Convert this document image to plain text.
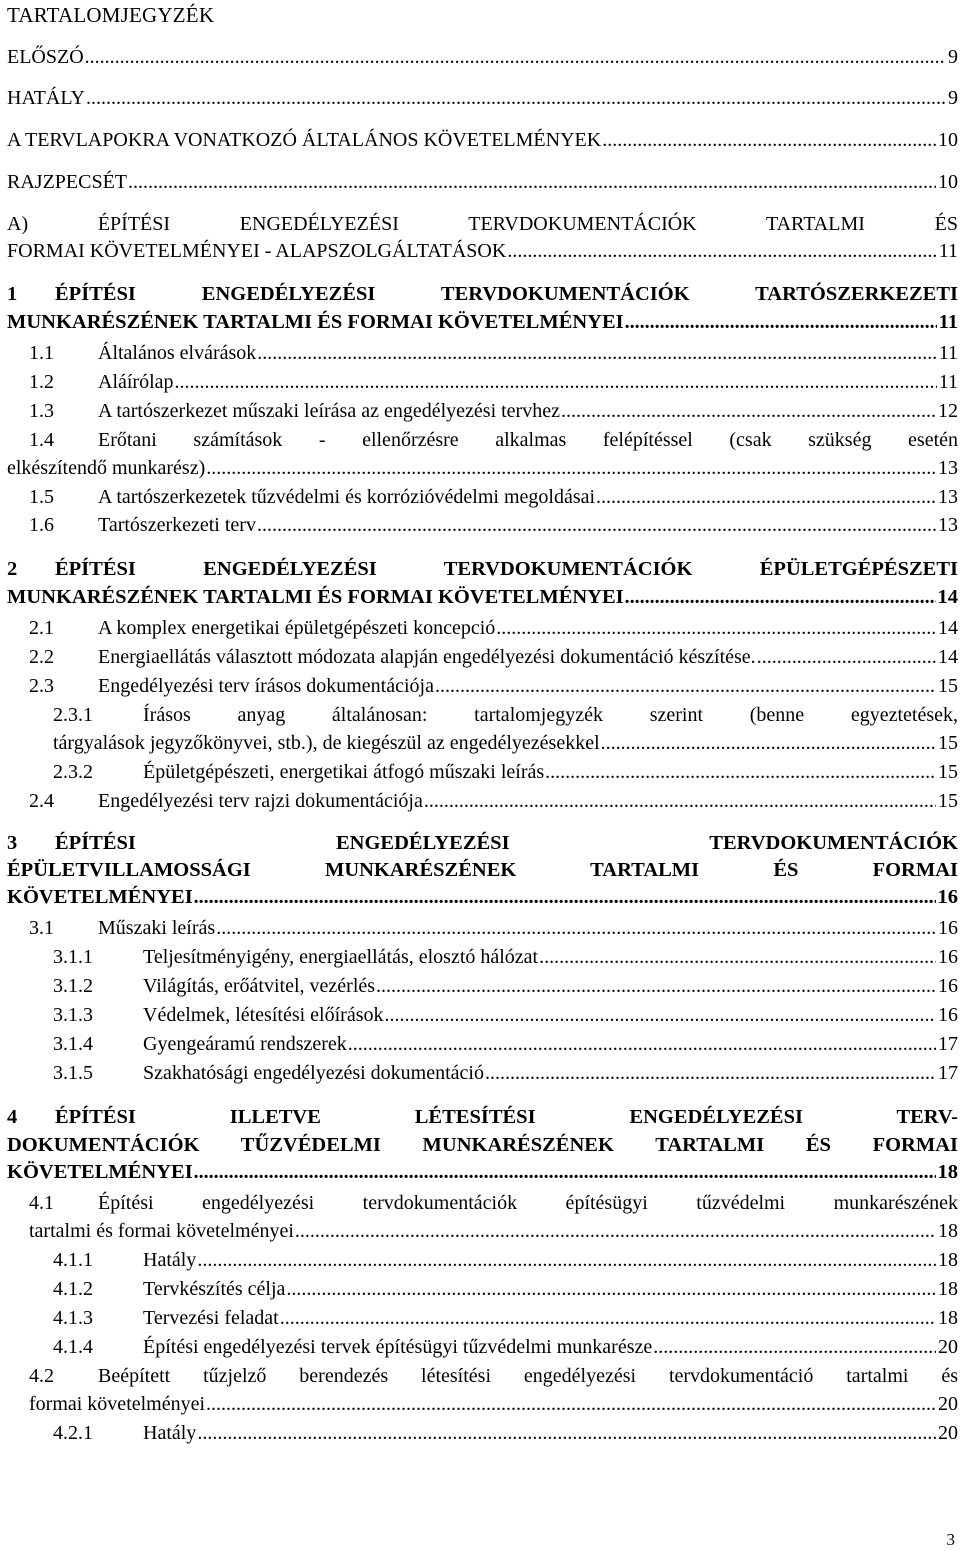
TARTALOMJEGYZÉK
ELŐSZÓ .....	9
HATÁLY .....	9
A TERVLAPOKRA VONATKOZÓ ÁLTALÁNOS KÖVETELMÉNYEK .....	10
RAJZPECSÉT .....	10
A) ÉPÍTÉSI ENGEDÉLYEZÉSI TERVDOKUMENTÁCIÓK TARTALMI ÉS
FORMAI KÖVETELMÉNYEI - ALAPSZOLGÁLTATÁSOK .....	11
1 ÉPÍTÉSI ENGEDÉLYEZÉSI TERVDOKUMENTÁCIÓK TARTÓSZERKEZETI
MUNKARÉSZÉNEK TARTALMI ÉS FORMAI KÖVETELMÉNYEI .....	11
1.1 Általános elvárások .....	11
1.2 Aláírólap .....	11
1.3 A tartószerkezet műszaki leírása az engedélyezési tervhez .....	12
1.4 Erőtani számítások - ellenőrzésre alkalmas felépítéssel (csak szükség esetén
elkészítendő munkarész) .....	13
1.5 A tartószerkezetek tűzvédelmi és korrózióvédelmi megoldásai .....	13
1.6 Tartószerkezeti terv .....	13
2 ÉPÍTÉSI ENGEDÉLYEZÉSI TERVDOKUMENTÁCIÓK ÉPÜLETGÉPÉSZETI
MUNKARÉSZÉNEK TARTALMI ÉS FORMAI KÖVETELMÉNYEI .....	14
2.1 A komplex energetikai épületgépészeti koncepció .....	14
2.2 Energiaellátás választott módozata alapján engedélyezési dokumentáció készítése. .....	14
2.3 Engedélyezési terv írásos dokumentációja .....	15
2.3.1	Írásos anyag általánosan: tartalomjegyzék szerint (benne egyeztetések,
tárgyalások jegyzőkönyvei, stb.), de kiegészül az engedélyezésekkel .....	15
2.3.2	Épületgépészeti, energetikai átfogó műszaki leírás .....	15
2.4 Engedélyezési terv rajzi dokumentációja .....	15
3 ÉPÍTÉSI ENGEDÉLYEZÉSI TERVDOKUMENTÁCIÓK
ÉPÜLETVILLAMOSSÁGI MUNKARÉSZÉNEK TARTALMI ÉS FORMAI
KÖVETELMÉNYEI .....	16
3.1 Műszaki leírás .....	16
3.1.1	Teljesítményigény, energiaellátás, elosztó hálózat .....	16
3.1.2	Világítás, erőátvitel, vezérlés .....	16
3.1.3	Védelmek, létesítési előírások .....	16
3.1.4	Gyengeáramú rendszerek .....	17
3.1.5	Szakhatósági engedélyezési dokumentáció .....	17
4 ÉPÍTÉSI ILLETVE LÉTESÍTÉSI ENGEDÉLYEZÉSI TERV-
DOKUMENTÁCIÓK TŰZVÉDELMI MUNKARÉSZÉNEK TARTALMI ÉS FORMAI
KÖVETELMÉNYEI .....	18
4.1 Építési engedélyezési tervdokumentációk építésügyi tűzvédelmi munkarészének
tartalmi és formai követelményei .....	18
4.1.1	Hatály .....	18
4.1.2	Tervkészítés célja .....	18
4.1.3	Tervezési feladat .....	18
4.1.4	Építési engedélyezési tervek építésügyi tűzvédelmi munkarésze .....	20
4.2 Beépített tűzjelző berendezés létesítési engedélyezési tervdokumentáció tartalmi és
formai követelményei .....	20
4.2.1	Hatály .....	20
3
